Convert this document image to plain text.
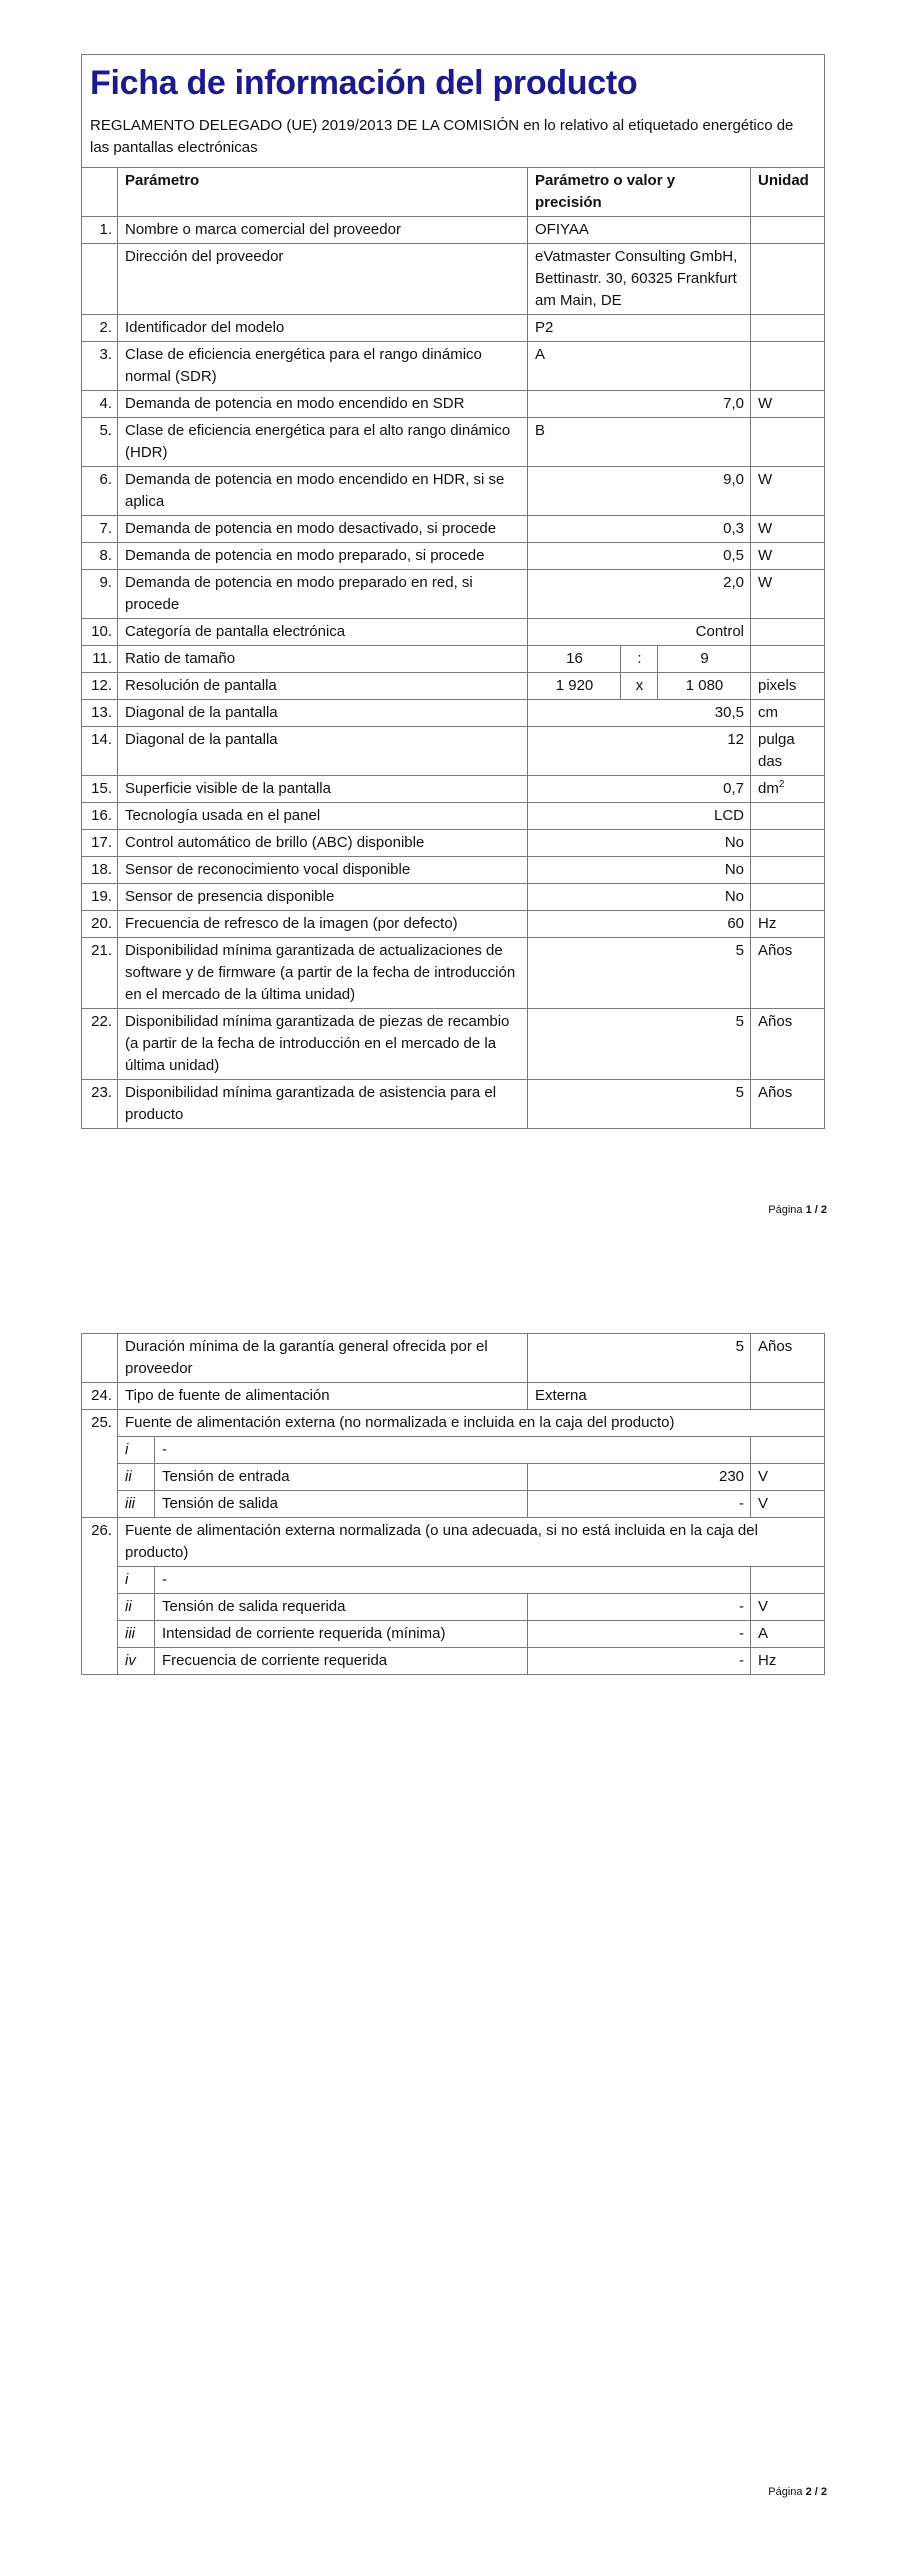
Ficha de información del producto
REGLAMENTO DELEGADO (UE) 2019/2013 DE LA COMISIÓN en lo relativo al etiquetado energético de las pantallas electrónicas					

	Parámetro	Parámetro o valor y precisión			Unidad
1.	Nombre o marca comercial del proveedor	OFIYAA			
	Dirección del proveedor	eVatmaster Consulting GmbH, Bettinastr. 30, 60325 Frankfurt am Main, DE			
2.	Identificador del modelo	P2			
3.	Clase de eficiencia energética para el rango dinámico normal (SDR)	A			
4.	Demanda de potencia en modo encendido en SDR	7,0			W
5.	Clase de eficiencia energética para el alto rango dinámico (HDR)	B			
6.	Demanda de potencia en modo encendido en HDR, si se aplica	9,0			W
7.	Demanda de potencia en modo desactivado, si procede	0,3			W
8.	Demanda de potencia en modo preparado, si procede	0,5			W
9.	Demanda de potencia en modo preparado en red, si procede	2,0			W
10.	Categoría de pantalla electrónica	Control			
11.	Ratio de tamaño	16	:	9	
12.	Resolución de pantalla	1 920	x	1 080	pixels
13.	Diagonal de la pantalla	30,5			cm
14.	Diagonal de la pantalla	12			pulgadas

15.	Superficie visible de la pantalla	0,7			$dm^2$
16.	Tecnología usada en el panel	LCD			
17.	Control automático de brillo (ABC) disponible	No			
18.	Sensor de reconocimiento vocal disponible	No			
19.	Sensor de presencia disponible	No			
20.	Frecuencia de refresco de la imagen (por defecto)	60			Hz
21.	Disponibilidad mínima garantizada de actualizaciones de software y de firmware (a partir de la fecha de introducción en el mercado de la última unidad)	5			Años
22.	Disponibilidad mínima garantizada de piezas de recambio (a partir de la fecha de introducción en el mercado de la última unidad)	5			Años
23.	Disponibilidad mínima garantizada de asistencia para el producto	5			Años
Página 1 / 2
	Duración mínima de la garantía general ofrecida por el proveedor		5	Años
24.	Tipo de fuente de alimentación		Externa	
25.	Fuente de alimentación externa (no normalizada e incluida en la caja del producto)			
	i	-		
	ii	Tensión de entrada	230	V
	iii	Tensión de salida	-	V
26.	Fuente de alimentación externa normalizada (o una adecuada, si no está incluida en la caja del producto)			
	i	-		
	ii	Tensión de salida requerida	-	V
	iii	Intensidad de corriente requerida (mínima)	-	A
	iv	Frecuencia de corriente requerida	-	Hz
Página 2 / 2
